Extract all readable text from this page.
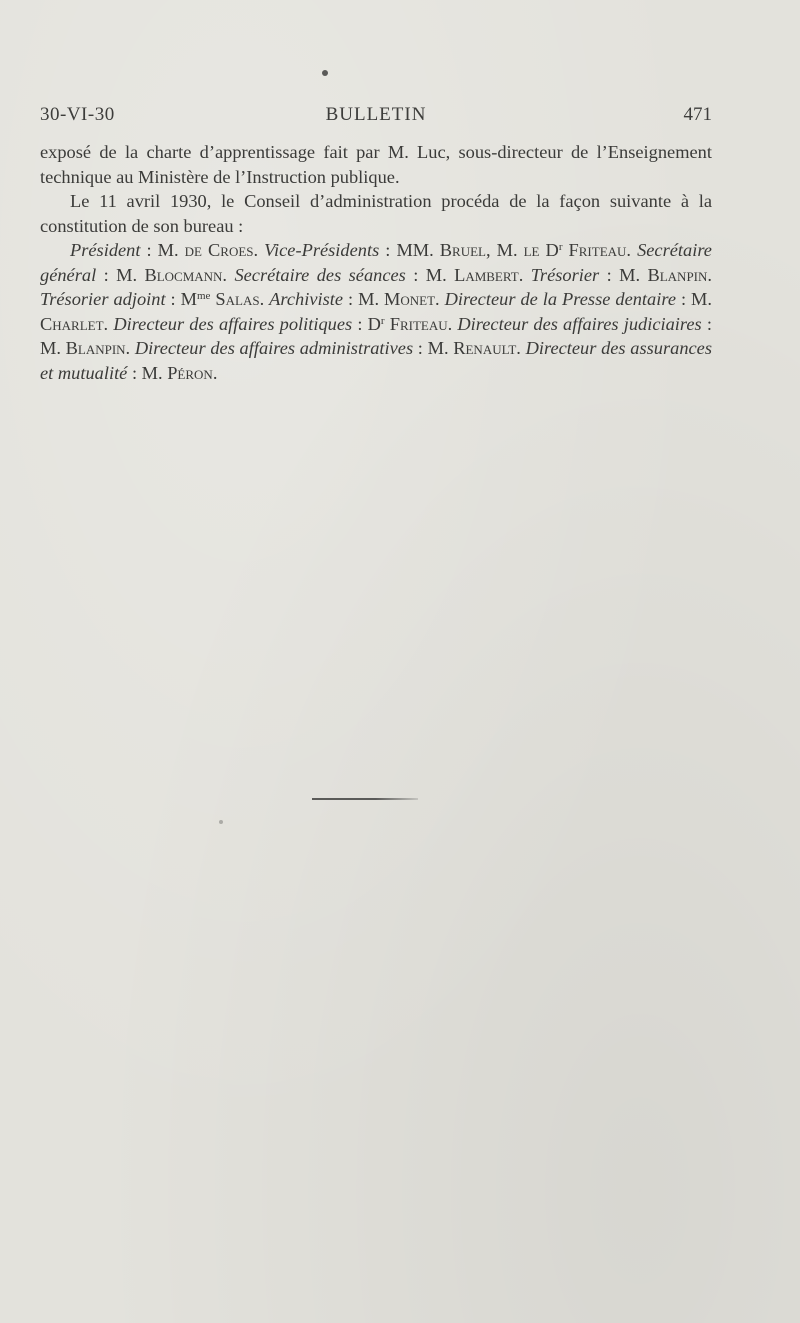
30-VI-30	BULLETIN	471

exposé de la charte d’apprentissage fait par M. Luc, sous-directeur de l’Enseignement technique au Ministère de l’Instruction publique.

Le 11 avril 1930, le Conseil d’administration procéda de la façon suivante à la constitution de son bureau :

Président : M. de Croes. Vice-Présidents : MM. Bruel, M. le $D^r$ Friteau. Secrétaire général : M. Blocmann. Secrétaire des séances : M. Lambert. Trésorier : M. Blanpin. Trésorier adjoint : $M^{me}$ Salas. Archiviste : M. Monet. Directeur de la Presse dentaire : M. Charlet. Directeur des affaires politiques : $D^r$ Friteau. Directeur des affaires judiciaires : M. Blanpin. Directeur des affaires administratives : M. Renault. Directeur des assurances et mutualité : M. Péron.
